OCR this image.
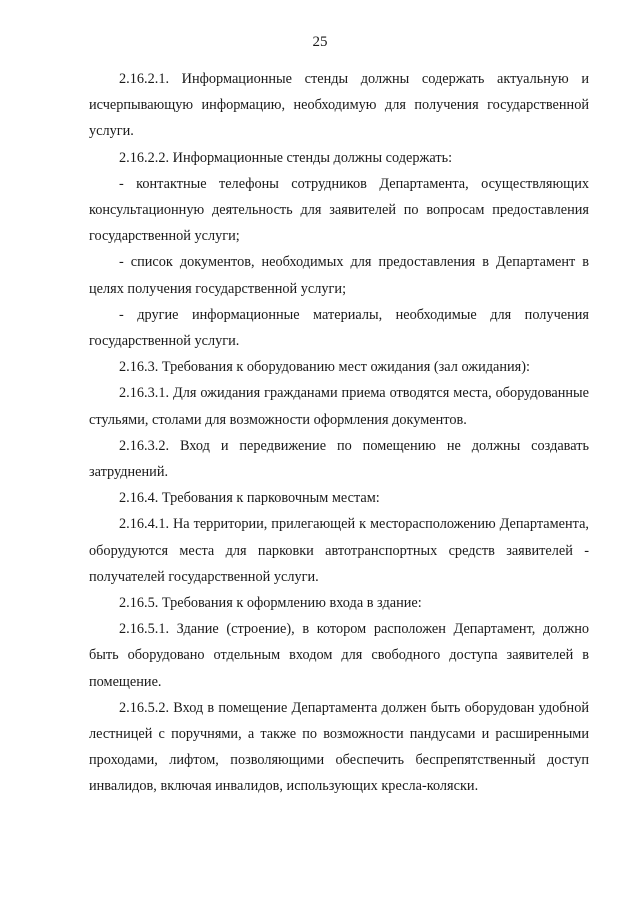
25

2.16.2.1. Информационные стенды должны содержать актуальную и исчерпывающую информацию, необходимую для получения государственной услуги.

2.16.2.2. Информационные стенды должны содержать:

- контактные телефоны сотрудников Департамента, осуществляющих консультационную деятельность для заявителей по вопросам предоставления государственной услуги;

- список документов, необходимых для предоставления в Департамент в целях получения государственной услуги;

- другие информационные материалы, необходимые для получения государственной услуги.

2.16.3. Требования к оборудованию мест ожидания (зал ожидания):

2.16.3.1. Для ожидания гражданами приема отводятся места, оборудованные стульями, столами для возможности оформления документов.

2.16.3.2. Вход и передвижение по помещению не должны создавать затруднений.

2.16.4. Требования к парковочным местам:

2.16.4.1. На территории, прилегающей к месторасположению Департамента, оборудуются места для парковки автотранспортных средств заявителей - получателей государственной услуги.

2.16.5. Требования к оформлению входа в здание:

2.16.5.1. Здание (строение), в котором расположен Департамент, должно быть оборудовано отдельным входом для свободного доступа заявителей в помещение.

2.16.5.2. Вход в помещение Департамента должен быть оборудован удобной лестницей с поручнями, а также по возможности пандусами и расширенными проходами, лифтом, позволяющими обеспечить беспрепятственный доступ инвалидов, включая инвалидов, использующих кресла-коляски.
